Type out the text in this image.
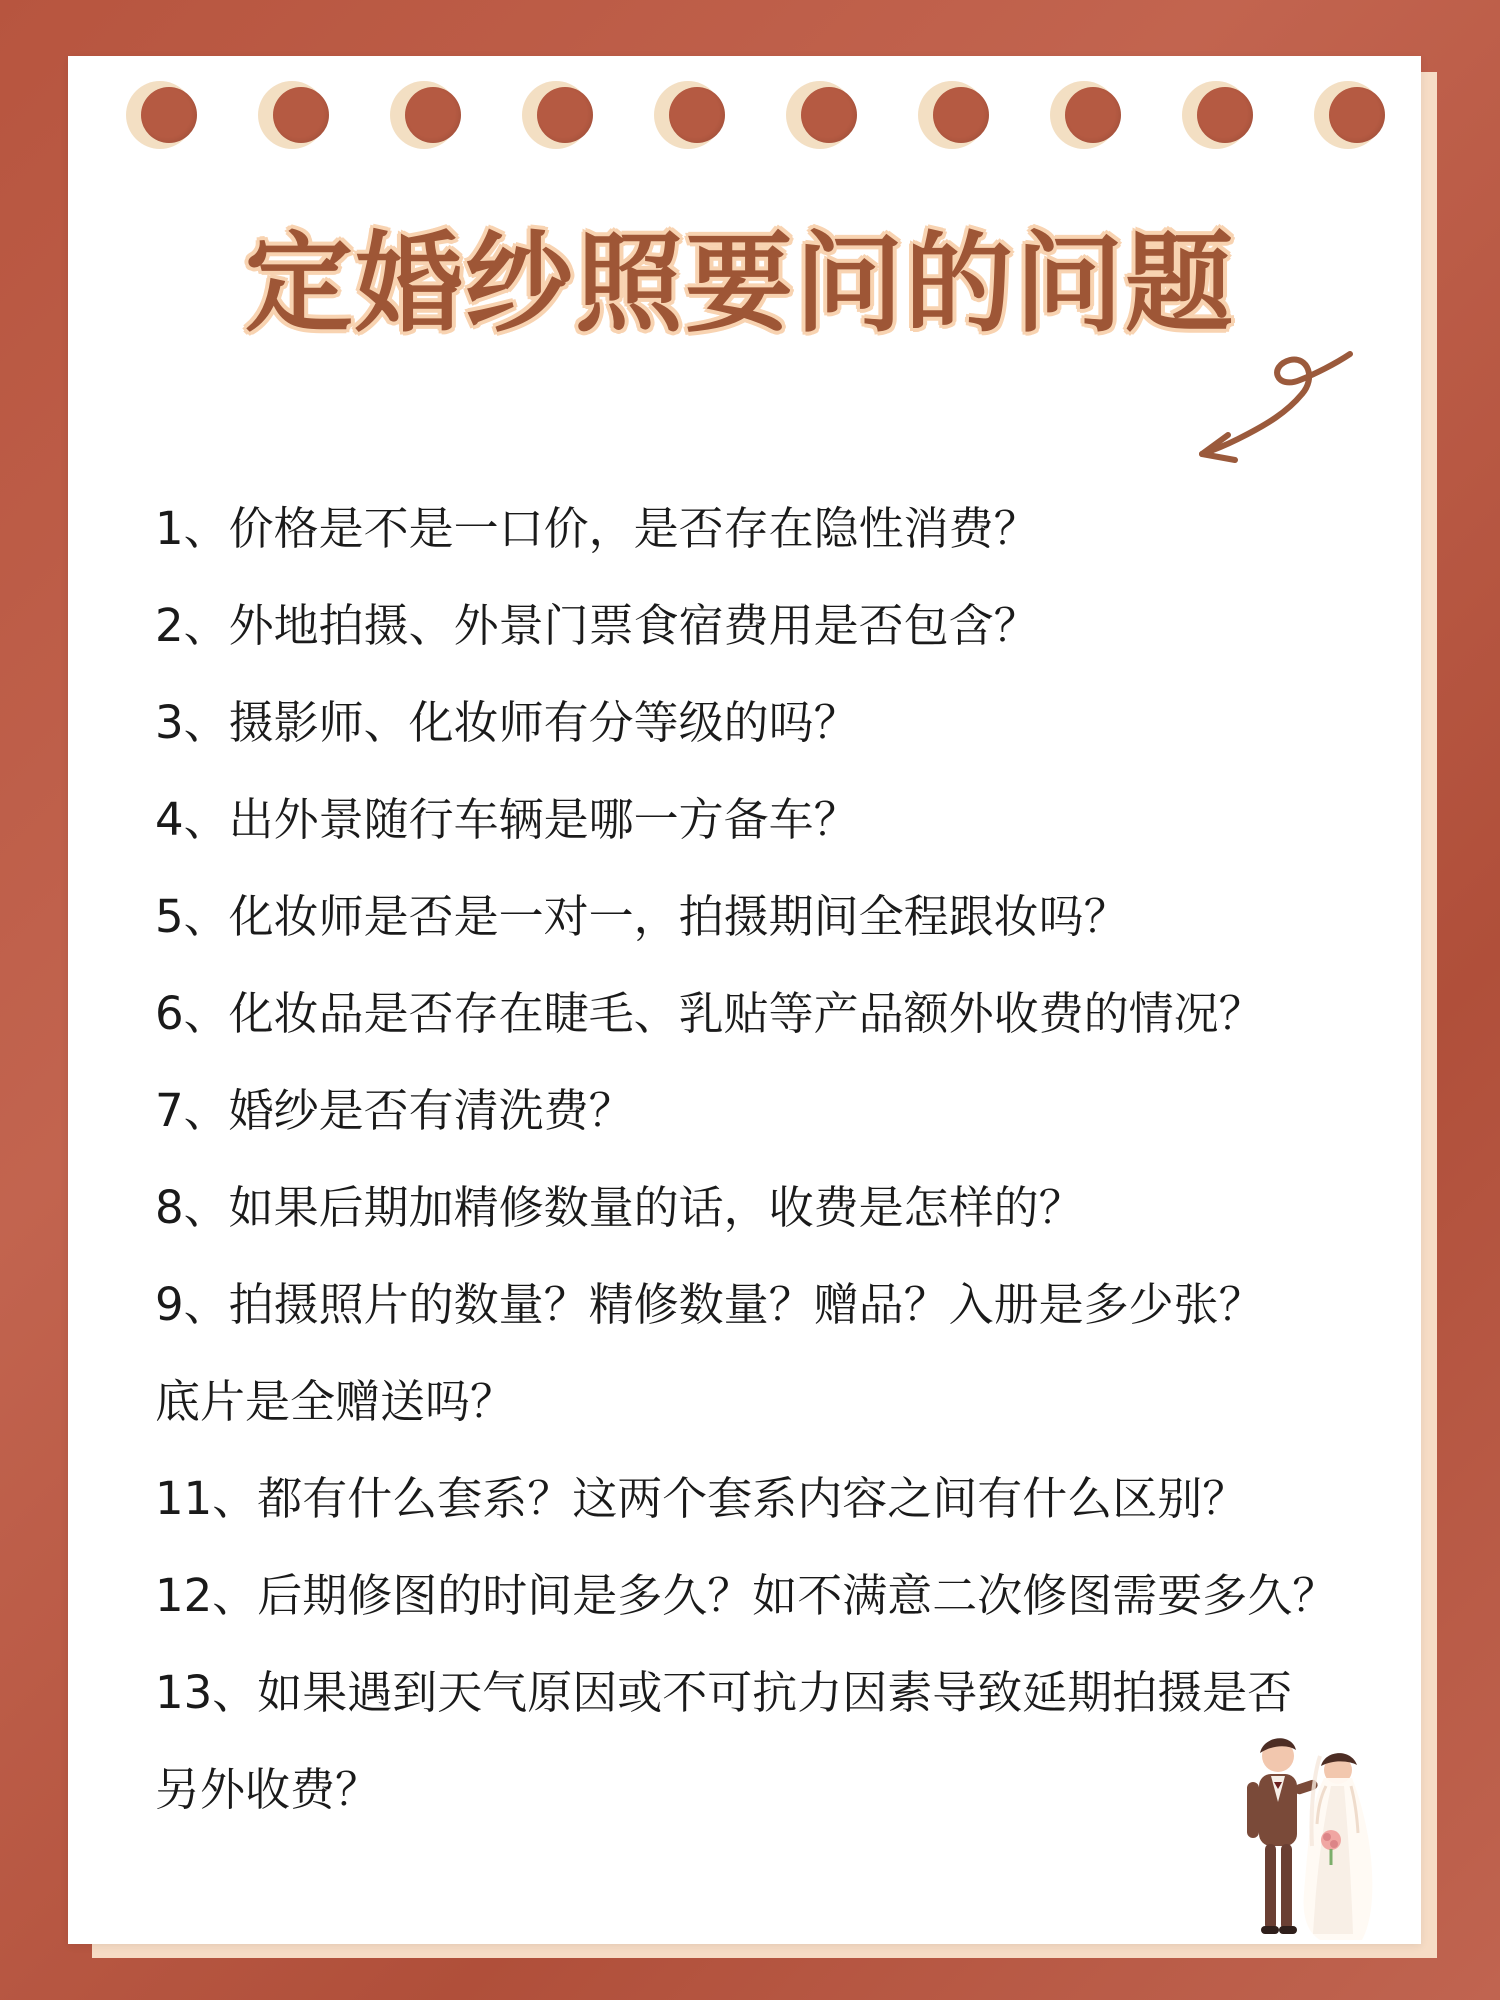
定婚纱照要问的问题
1、价格是不是一口价，是否存在隐性消费？
2、外地拍摄、外景门票食宿费用是否包含？
3、摄影师、化妆师有分等级的吗？
4、出外景随行车辆是哪一方备车？
5、化妆师是否是一对一，拍摄期间全程跟妆吗？
6、化妆品是否存在睫毛、乳贴等产品额外收费的情况？
7、婚纱是否有清洗费？
8、如果后期加精修数量的话，收费是怎样的？
9、拍摄照片的数量？精修数量？赠品？入册是多少张？
底片是全赠送吗？
11、都有什么套系？这两个套系内容之间有什么区别？
12、后期修图的时间是多久？如不满意二次修图需要多久？
13、如果遇到天气原因或不可抗力因素导致延期拍摄是否
另外收费？
